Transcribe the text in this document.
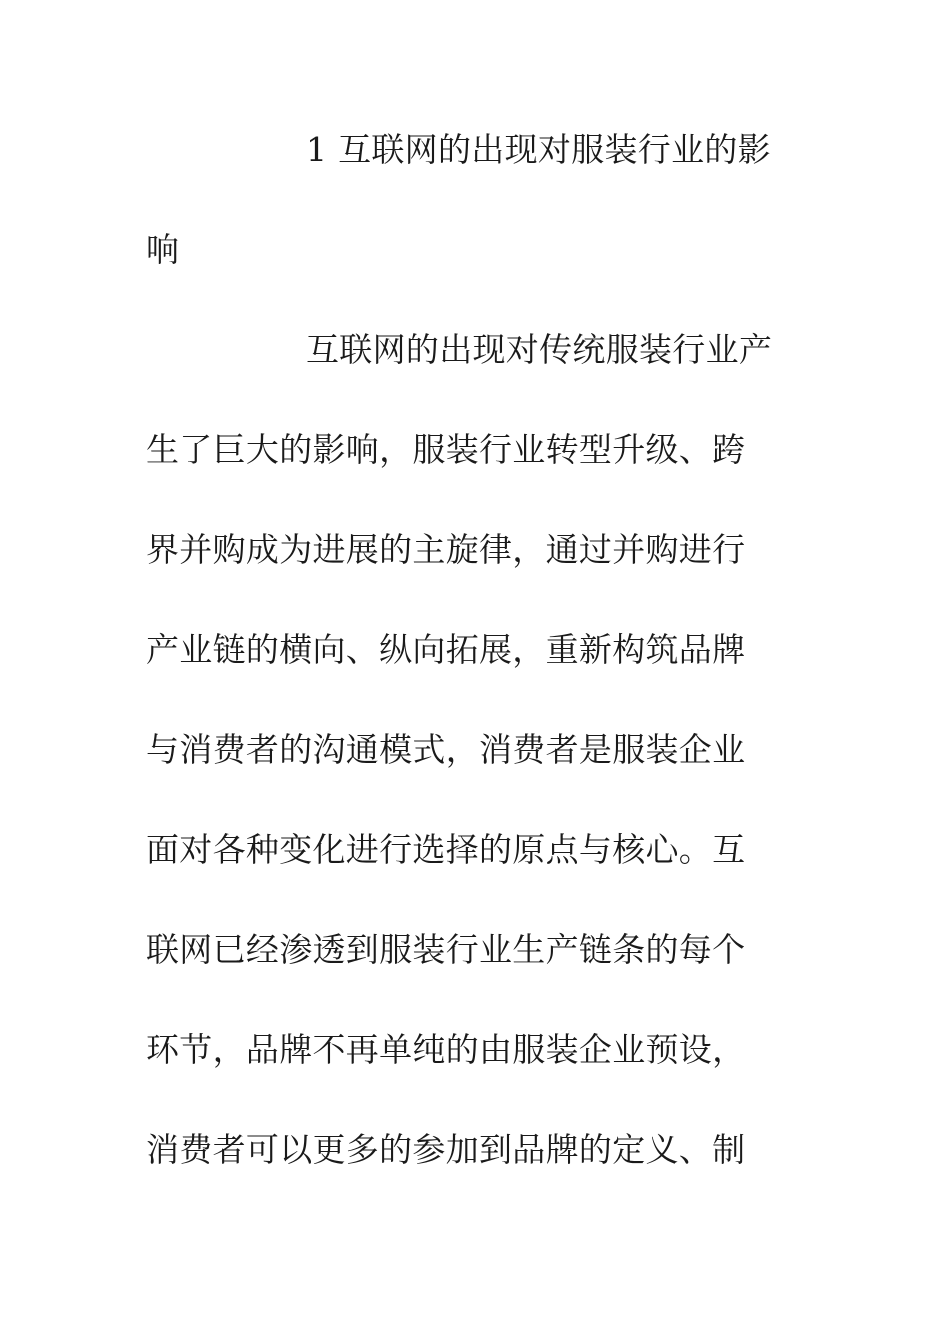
1 互联网的出现对服装行业的影
响
互联网的出现对传统服装行业产
生了巨大的影响，服装行业转型升级、跨
界并购成为进展的主旋律，通过并购进行
产业链的横向、纵向拓展，重新构筑品牌
与消费者的沟通模式，消费者是服装企业
面对各种变化进行选择的原点与核心。互
联网已经渗透到服装行业生产链条的每个
环节，品牌不再单纯的由服装企业预设，
消费者可以更多的参加到品牌的定义、制
